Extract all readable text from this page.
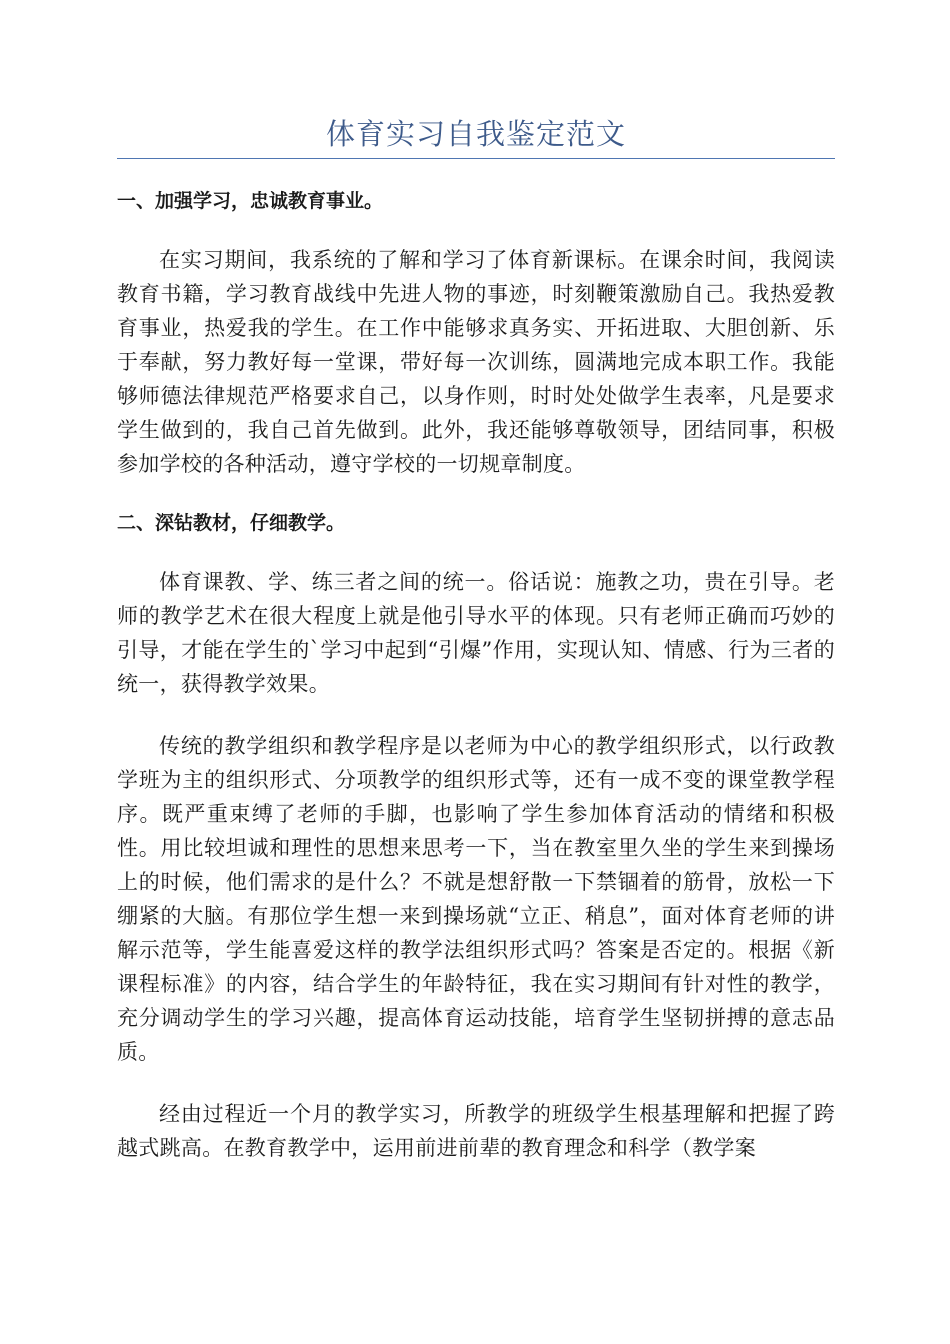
体育实习自我鉴定范文

一、加强学习，忠诚教育事业。

在实习期间，我系统的了解和学习了体育新课标。在课余时间，我阅读教育书籍，学习教育战线中先进人物的事迹，时刻鞭策激励自己。我热爱教育事业，热爱我的学生。在工作中能够求真务实、开拓进取、大胆创新、乐于奉献，努力教好每一堂课，带好每一次训练，圆满地完成本职工作。我能够师德法律规范严格要求自己，以身作则，时时处处做学生表率，凡是要求学生做到的，我自己首先做到。此外，我还能够尊敬领导，团结同事，积极参加学校的各种活动，遵守学校的一切规章制度。

二、深钻教材，仔细教学。

体育课教、学、练三者之间的统一。俗话说：施教之功，贵在引导。老师的教学艺术在很大程度上就是他引导水平的体现。只有老师正确而巧妙的引导，才能在学生的`学习中起到“引爆”作用，实现认知、情感、行为三者的统一，获得教学效果。

传统的教学组织和教学程序是以老师为中心的教学组织形式，以行政教学班为主的组织形式、分项教学的组织形式等，还有一成不变的课堂教学程序。既严重束缚了老师的手脚，也影响了学生参加体育活动的情绪和积极性。用比较坦诚和理性的思想来思考一下，当在教室里久坐的学生来到操场上的时候，他们需求的是什么？不就是想舒散一下禁锢着的筋骨，放松一下绷紧的大脑。有那位学生想一来到操场就“立正、稍息”，面对体育老师的讲解示范等，学生能喜爱这样的教学法组织形式吗？答案是否定的。根据《新课程标准》的内容，结合学生的年龄特征，我在实习期间有针对性的教学，充分调动学生的学习兴趣，提高体育运动技能，培育学生坚韧拼搏的意志品质。

经由过程近一个月的教学实习，所教学的班级学生根基理解和把握了跨越式跳高。在教育教学中，运用前进前辈的教育理念和科学（教学案
